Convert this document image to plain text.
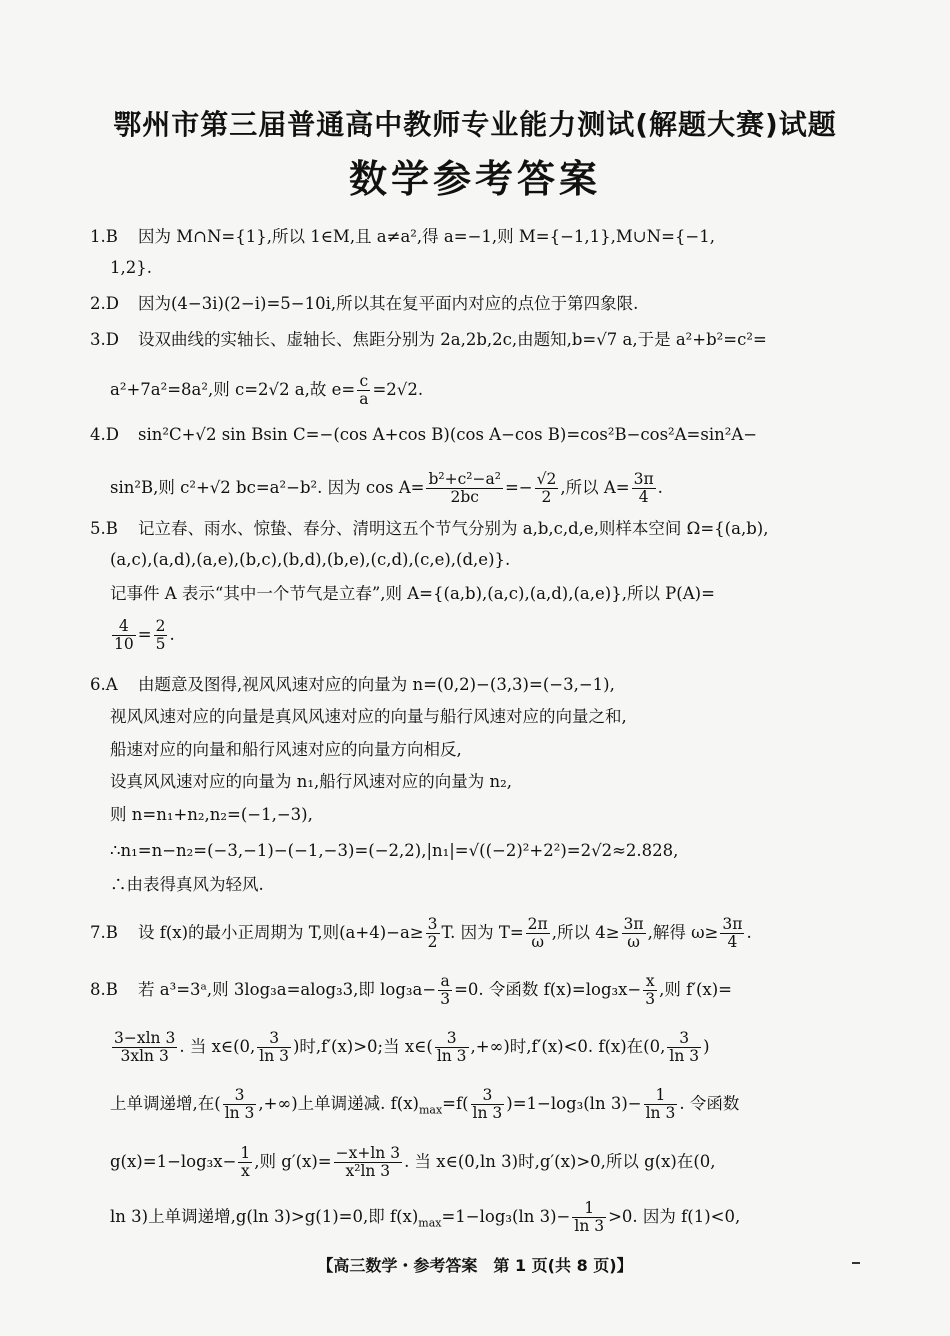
鄂州市第三届普通高中教师专业能力测试(解题大赛)试题
数学参考答案
1.B 因为 M∩N={1},所以 1∈M,且 a≠a²,得 a=−1,则 M={−1,1},M∪N={−1,
1,2}.
2.D 因为(4−3i)(2−i)=5−10i,所以其在复平面内对应的点位于第四象限.
3.D 设双曲线的实轴长、虚轴长、焦距分别为 2a,2b,2c,由题知,b=√7 a,于是 a²+b²=c²=
a²+7a²=8a²,则 c=2√2 a,故 $e= \frac{c}{a} =2√2$.
4.D sin²C+√2 sin Bsin C=−(cos A+cos B)(cos A−cos B)=cos²B−cos²A=sin²A−
sin²B,则 c²+√2 bc=a²−b². 因为 $\cos A= \frac{\text{b²+c²−a²}}{2bc} =- \frac{√2}{2}$ ,所以 $A= \frac{3\pi}{4}$ .
5.B 记立春、雨水、惊蛰、春分、清明这五个节气分别为 a,b,c,d,e,则样本空间 Ω={(a,b),
(a,c),(a,d),(a,e),(b,c),(b,d),(b,e),(c,d),(c,e),(d,e)}.
记事件 A 表示“其中一个节气是立春”,则 A={(a,b),(a,c),(a,d),(a,e)},所以 P(A)=
$\frac{4}{10} = \frac{2}{5}$ .
6.A 由题意及图得,视风风速对应的向量为 n=(0,2)−(3,3)=(−3,−1),
视风风速对应的向量是真风风速对应的向量与船行风速对应的向量之和,
船速对应的向量和船行风速对应的向量方向相反,
设真风风速对应的向量为 n₁,船行风速对应的向量为 n₂,
则 n=n₁+n₂,n₂=(−1,−3),
∴n₁=n−n₂=(−3,−1)−(−1,−3)=(−2,2),|n₁|=√((−2)²+2²)=2√2≈2.828,
∴由表得真风为轻风.
7.B 设 f(x)的最小正周期为 T,则$(a+4)-a\ge \frac{3}{2} T$. 因为 $T= \frac{2\pi}{\omega}$ ,所以 $4\ge \frac{3\pi}{\omega}$ ,解得 $\omega\ge \frac{3\pi}{4}$ .
8.B 若 a³=3ᵃ,则 3log₃a=alog₃3,即 $\log_3a- \frac{a}{3} =0$. 令函数 $f(x)=\log_3x- \frac{x}{3}$ ,则 f′(x)=
$\frac{3-xln 3}{3xln 3}$ . 当 x∈(0, $\frac{3}{\ln 3}$ )时,f′(x)>0;当 x∈( $\frac{3}{\ln 3}$ ,+∞)时,f′(x)<0. f(x)在(0, $\frac{3}{\ln 3}$ )
上单调递增,在( $\frac{3}{\ln 3}$ ,+∞)上单调递减. $f(x)_{max}=f( \frac{3}{\ln 3} )=1-\log_3(\ln$ $3)- \frac{1}{\ln 3}$ . 令函数
$g(x)=1-\log_3x- \frac{1}{x}$ ,则 $g'(x)= \frac{-x+\ln 3}{\text{x²ln 3}}$ . 当 x∈(0,ln 3)时,g′(x)>0,所以 g(x)在(0,
ln 3)上单调递增,g(ln 3)>g(1)=0,即 $f(x)_{max}=1-\log_3(\ln$ $3)- \frac{1}{\ln 3} >0$. 因为 f(1)<0,
【高三数学・参考答案　第 1 页(共 8 页)】
